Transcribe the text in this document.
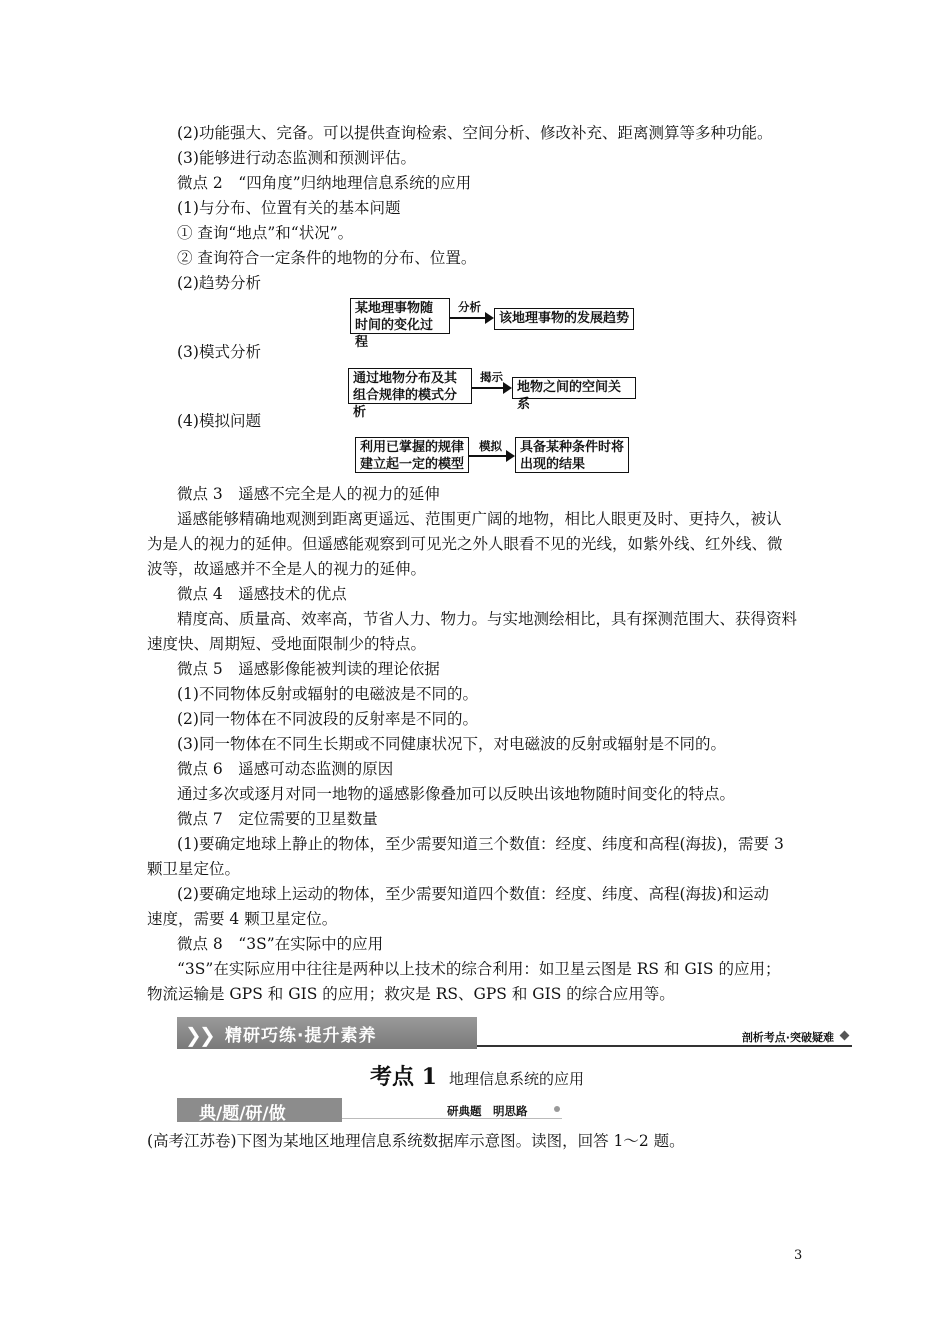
(2)功能强大、完备。可以提供查询检索、空间分析、修改补充、距离测算等多种功能。
(3)能够进行动态监测和预测评估。
微点 2　“四角度”归纳地理信息系统的应用
(1)与分布、位置有关的基本问题
① 查询“地点”和“状况”。
② 查询符合一定条件的地物的分布、位置。
(2)趋势分析
某地理事物随时间的变化过程
分析
该地理事物的发展趋势
(3)模式分析
通过地物分布及其组合规律的模式分析
揭示
地物之间的空间关系
(4)模拟问题
利用已掌握的规律建立起一定的模型
模拟	具备某种条件时将出现的结果
微点 3　遥感不完全是人的视力的延伸
遥感能够精确地观测到距离更遥远、范围更广阔的地物，相比人眼更及时、更持久，被认
为是人的视力的延伸。但遥感能观察到可见光之外人眼看不见的光线，如紫外线、红外线、微
波等，故遥感并不全是人的视力的延伸。
微点 4　遥感技术的优点
精度高、质量高、效率高，节省人力、物力。与实地测绘相比，具有探测范围大、获得资料
速度快、周期短、受地面限制少的特点。
微点 5　遥感影像能被判读的理论依据
(1)不同物体反射或辐射的电磁波是不同的。
(2)同一物体在不同波段的反射率是不同的。
(3)同一物体在不同生长期或不同健康状况下，对电磁波的反射或辐射是不同的。
微点 6　遥感可动态监测的原因
通过多次或逐月对同一地物的遥感影像叠加可以反映出该地物随时间变化的特点。
微点 7　定位需要的卫星数量
(1)要确定地球上静止的物体，至少需要知道三个数值：经度、纬度和高程(海拔)，需要 3
颗卫星定位。
(2)要确定地球上运动的物体，至少需要知道四个数值：经度、纬度、高程(海拔)和运动
速度，需要 4 颗卫星定位。
微点 8　“3S”在实际中的应用
“3S”在实际应用中往往是两种以上技术的综合利用：如卫星云图是 RS 和 GIS 的应用；
物流运输是 GPS 和 GIS 的应用；救灾是 RS、GPS 和 GIS 的综合应用等。
❯
❯ 精研巧练·提升素养	剖析考点·突破疑难
考点 1 地理信息系统的应用
典/题/研/做	研典题　明思路
(高考江苏卷)下图为某地区地理信息系统数据库示意图。读图，回答 1～2 题。
3
